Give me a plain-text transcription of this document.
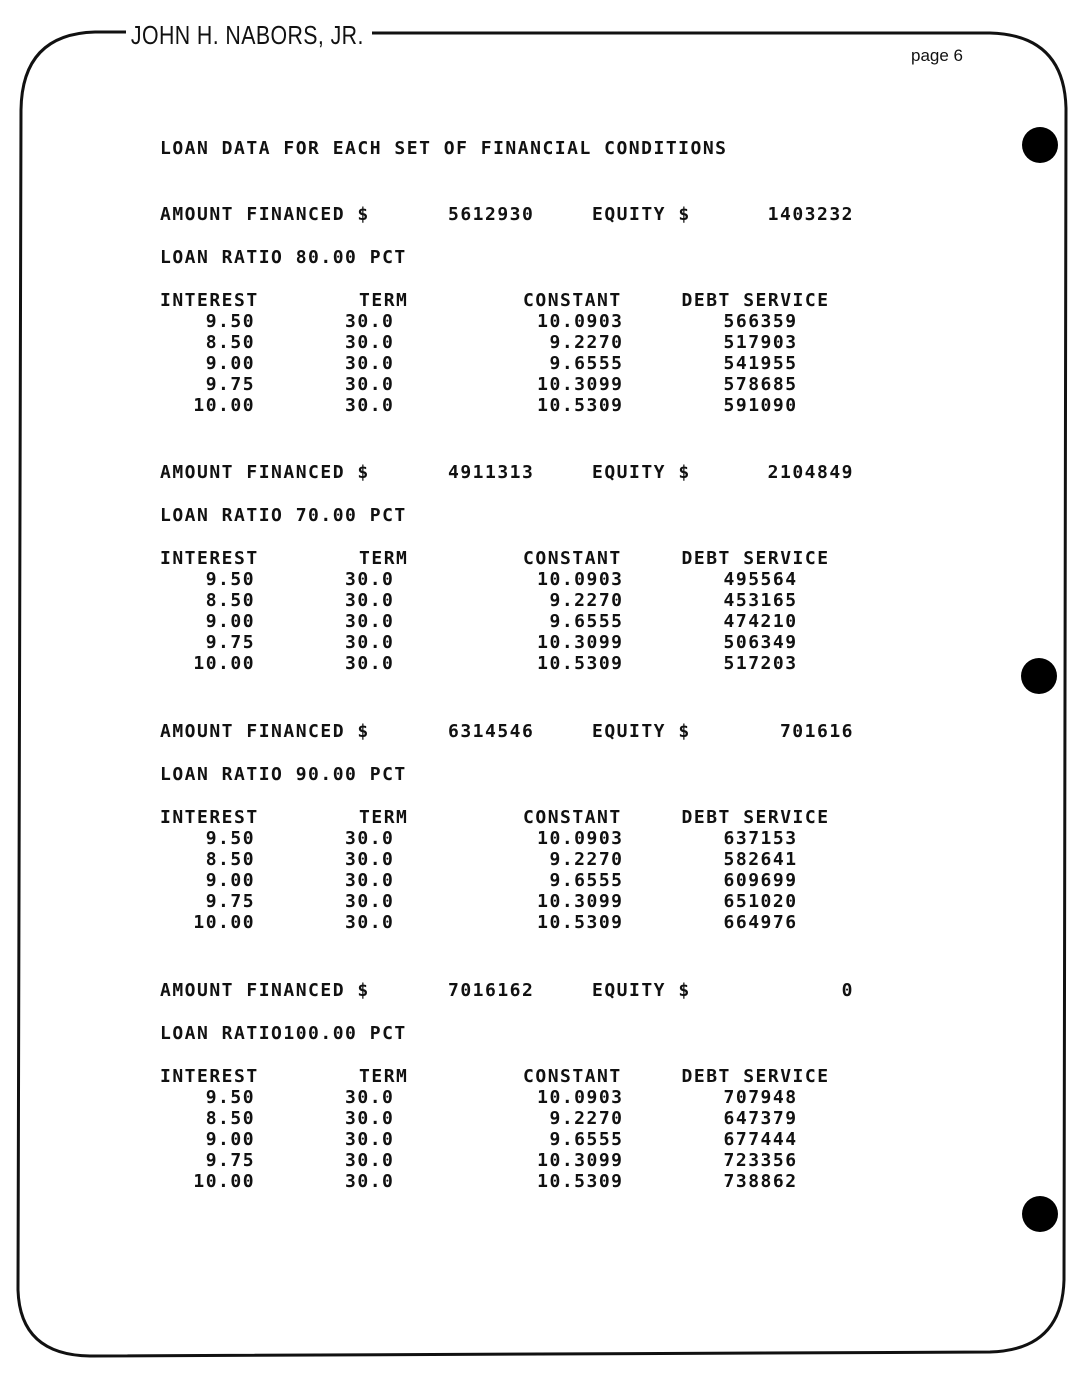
JOHN H. NABORS, JR.
page 6
LOAN DATA FOR EACH SET OF FINANCIAL CONDITIONS
AMOUNT FINANCED $	5612930	EQUITY $	1403232
LOAN RATIO 80.00 PCT
INTEREST	TERM	CONSTANT	DEBT SERVICE
9.50	30.0	10.0903	566359
8.50	30.0	9.2270	517903
9.00	30.0	9.6555	541955
9.75	30.0	10.3099	578685
10.00	30.0	10.5309	591090
AMOUNT FINANCED $	4911313	EQUITY $	2104849
LOAN RATIO 70.00 PCT
INTEREST	TERM	CONSTANT	DEBT SERVICE
9.50	30.0	10.0903	495564
8.50	30.0	9.2270	453165
9.00	30.0	9.6555	474210
9.75	30.0	10.3099	506349
10.00	30.0	10.5309	517203
AMOUNT FINANCED $	6314546	EQUITY $	701616
LOAN RATIO 90.00 PCT
INTEREST	TERM	CONSTANT	DEBT SERVICE
9.50	30.0	10.0903	637153
8.50	30.0	9.2270	582641
9.00	30.0	9.6555	609699
9.75	30.0	10.3099	651020
10.00	30.0	10.5309	664976
AMOUNT FINANCED $	7016162	EQUITY $	0
LOAN RATIO100.00 PCT
INTEREST	TERM	CONSTANT	DEBT SERVICE
9.50	30.0	10.0903	707948
8.50	30.0	9.2270	647379
9.00	30.0	9.6555	677444
9.75	30.0	10.3099	723356
10.00	30.0	10.5309	738862
